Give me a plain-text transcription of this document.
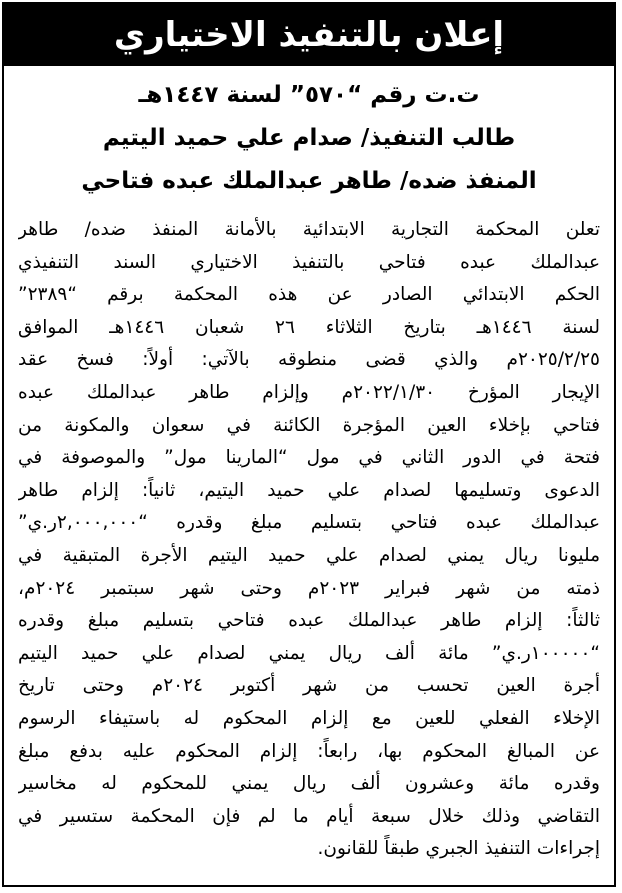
إعلان بالتنفيذ الاختياري
ت.ت رقم “٥٧٠” لسنة ١٤٤٧هـ
طالب التنفيذ/ صدام علي حميد اليتيم
المنفذ ضده/ طاهر عبدالملك عبده فتاحي
تعلن المحكمة التجارية الابتدائية بالأمانة المنفذ ضده/ طاهر
عبدالملك عبده فتاحي بالتنفيذ الاختياري السند التنفيذي
الحكم الابتدائي الصادر عن هذه المحكمة برقم “٢٣٨٩”
لسنة ١٤٤٦هـ بتاريخ الثلاثاء ٢٦ شعبان ١٤٤٦هـ الموافق
٢٠٢٥/٢/٢٥م والذي قضى منطوقه بالآتي: أولاً: فسخ عقد
الإيجار المؤرخ ٢٠٢٢/١/٣٠م وإلزام طاهر عبدالملك عبده
فتاحي بإخلاء العين المؤجرة الكائنة في سعوان والمكونة من
فتحة في الدور الثاني في مول “المارينا مول” والموصوفة في
الدعوى وتسليمها لصدام علي حميد اليتيم، ثانياً: إلزام طاهر
عبدالملك عبده فتاحي بتسليم مبلغ وقدره “٢,٠٠٠,٠٠٠ر.ي”
مليونا ريال يمني لصدام علي حميد اليتيم الأجرة المتبقية في
ذمته من شهر فبراير ٢٠٢٣م وحتى شهر سبتمبر ٢٠٢٤م،
ثالثاً: إلزام طاهر عبدالملك عبده فتاحي بتسليم مبلغ وقدره
“١٠٠٠٠٠ر.ي” مائة ألف ريال يمني لصدام علي حميد اليتيم
أجرة العين تحسب من شهر أكتوبر ٢٠٢٤م وحتى تاريخ
الإخلاء الفعلي للعين مع إلزام المحكوم له باستيفاء الرسوم
عن المبالغ المحكوم بها، رابعاً: إلزام المحكوم عليه بدفع مبلغ
وقدره مائة وعشرون ألف ريال يمني للمحكوم له مخاسير
التقاضي وذلك خلال سبعة أيام ما لم فإن المحكمة ستسير في
إجراءات التنفيذ الجبري طبقاً للقانون.
